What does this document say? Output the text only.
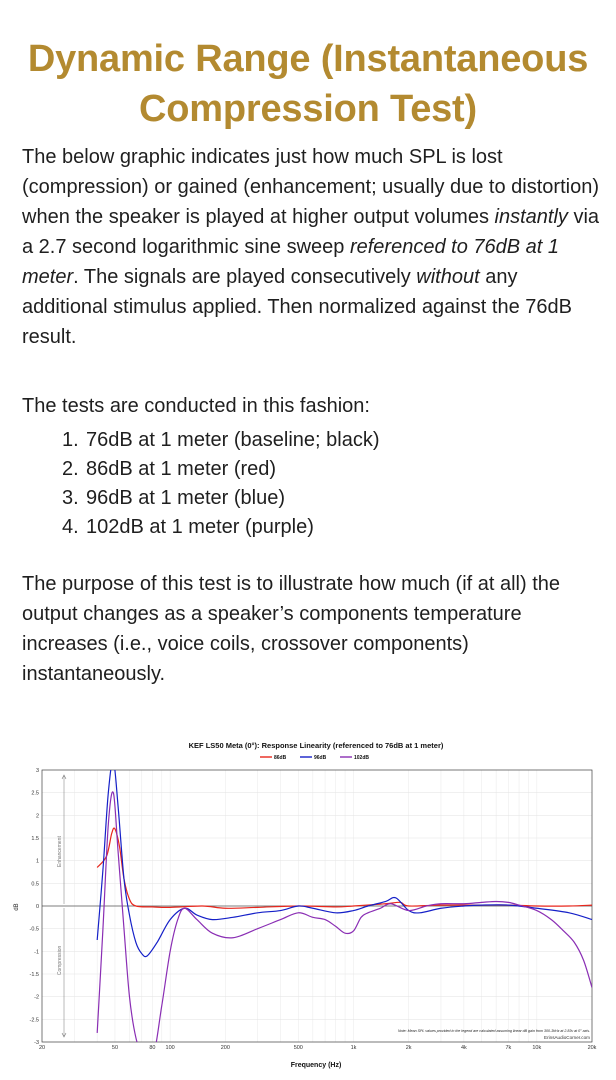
Dynamic Range (Instantaneous Compression Test)

The below graphic indicates just how much SPL is lost (compression) or gained (enhancement; usually due to distortion) when the speaker is played at higher output volumes instantly via a 2.7 second logarithmic sine sweep referenced to 76dB at 1 meter. The signals are played consecutively without any additional stimulus applied. Then normalized against the 76dB result.

The tests are conducted in this fashion:

1. 76dB at 1 meter (baseline; black)
2. 86dB at 1 meter (red)
3. 96dB at 1 meter (blue)
4. 102dB at 1 meter (purple)

The purpose of this test is to illustrate how much (if at all) the output changes as a speaker’s components temperature increases (i.e., voice coils, crossover components) instantaneously.

KEF LS50 Meta (0°): Response Linearity (referenced to 76dB at 1 meter)
86dB	96dB	102dB
3
2.5
2
1.5
1
0.5
0
-0.5
-1
-1.5
-2
-2.5
-3
20	50	80 100	200	500	1k	2k	4k	7k	10k	20k
Enhancement
Compression
dB
Frequency (Hz)
Note: Mean SPL values provided in the legend are calculated assuming linear dB gain from 300-3kHz at 2.83v at 0° axis.
ErinsAudioCorner.com
